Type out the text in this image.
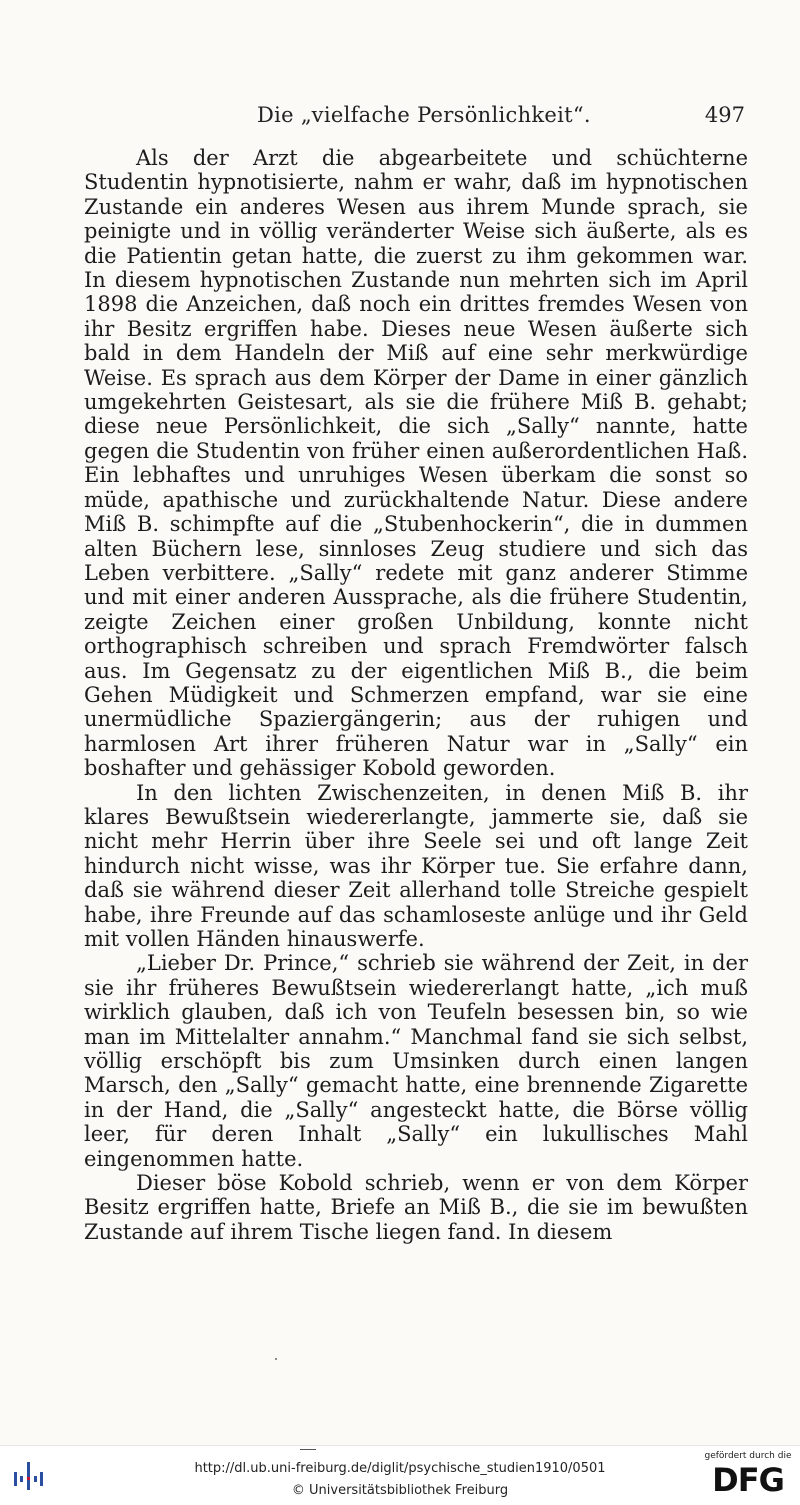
Die „vielfache Persönlichkeit“.	497

Als der Arzt die abgearbeitete und schüchterne Studentin hypnotisierte, nahm er wahr, daß im hypnotischen Zustande ein anderes Wesen aus ihrem Munde sprach, sie peinigte und in völlig veränderter Weise sich äußerte, als es die Patientin getan hatte, die zuerst zu ihm gekommen war. In diesem hypnotischen Zustande nun mehrten sich im April 1898 die Anzeichen, daß noch ein drittes fremdes Wesen von ihr Besitz ergriffen habe. Dieses neue Wesen äußerte sich bald in dem Handeln der Miß auf eine sehr merkwürdige Weise. Es sprach aus dem Körper der Dame in einer gänzlich umgekehrten Geistesart, als sie die frühere Miß B. gehabt; diese neue Persönlichkeit, die sich „Sally“ nannte, hatte gegen die Studentin von früher einen außerordentlichen Haß. Ein lebhaftes und unruhiges Wesen überkam die sonst so müde, apathische und zurückhaltende Natur. Diese andere Miß B. schimpfte auf die „Stubenhockerin“, die in dummen alten Büchern lese, sinnloses Zeug studiere und sich das Leben verbittere. „Sally“ redete mit ganz anderer Stimme und mit einer anderen Aussprache, als die frühere Studentin, zeigte Zeichen einer großen Unbildung, konnte nicht orthographisch schreiben und sprach Fremdwörter falsch aus. Im Gegensatz zu der eigentlichen Miß B., die beim Gehen Müdigkeit und Schmerzen empfand, war sie eine unermüdliche Spaziergängerin; aus der ruhigen und harmlosen Art ihrer früheren Natur war in „Sally“ ein boshafter und gehässiger Kobold geworden.

In den lichten Zwischenzeiten, in denen Miß B. ihr klares Bewußtsein wiedererlangte, jammerte sie, daß sie nicht mehr Herrin über ihre Seele sei und oft lange Zeit hindurch nicht wisse, was ihr Körper tue. Sie erfahre dann, daß sie während dieser Zeit allerhand tolle Streiche gespielt habe, ihre Freunde auf das schamloseste anlüge und ihr Geld mit vollen Händen hinauswerfe.

„Lieber Dr. Prince,“ schrieb sie während der Zeit, in der sie ihr früheres Bewußtsein wiedererlangt hatte, „ich muß wirklich glauben, daß ich von Teufeln besessen bin, so wie man im Mittelalter annahm.“ Manchmal fand sie sich selbst, völlig erschöpft bis zum Umsinken durch einen langen Marsch, den „Sally“ gemacht hatte, eine brennende Zigarette in der Hand, die „Sally“ angesteckt hatte, die Börse völlig leer, für deren Inhalt „Sally“ ein lukullisches Mahl eingenommen hatte.

Dieser böse Kobold schrieb, wenn er von dem Körper Besitz ergriffen hatte, Briefe an Miß B., die sie im bewußten Zustande auf ihrem Tische liegen fand. In diesem

http://dl.ub.uni-freiburg.de/diglit/psychische_studien1910/0501
© Universitätsbibliothek Freiburg
gefördert durch die
DFG
